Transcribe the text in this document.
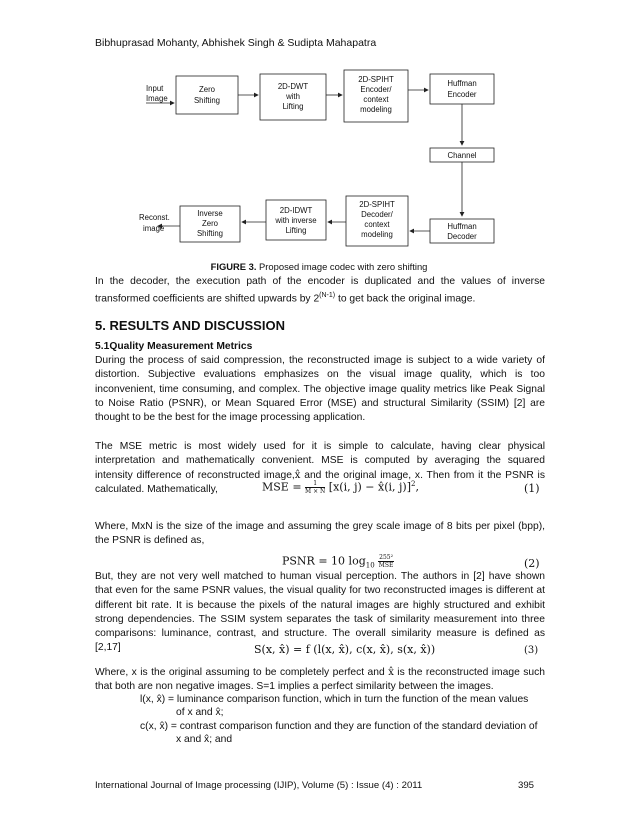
Bibhuprasad Mohanty, Abhishek Singh & Sudipta Mahapatra
Input
Image
Zero
Shifting
2D-DWT
with
Lifting
2D-SPIHT
Encoder/
context
modeling
Huffman
Encoder
Channel
Huffman
Decoder
2D-SPIHT
Decoder/
context
modeling
2D-IDWT
with inverse
Lifting
Inverse
Zero
Shifting
Reconst.
image
FIGURE 3. Proposed image codec with zero shifting

In the decoder, the execution path of the encoder is duplicated and the values of inverse transformed coefficients are shifted upwards by $2^{(N-1)}$ to get back the original image.

5. RESULTS AND DISCUSSION
5.1Quality Measurement Metrics

During the process of said compression, the reconstructed image is subject to a wide variety of distortion. Subjective evaluations emphasizes on the visual image quality, which is too inconvenient, time consuming, and complex. The objective image quality metrics like Peak Signal to Noise Ratio (PSNR), or Mean Squared Error (MSE) and structural Similarity (SSIM) [2] are thought to be the best for the image processing application.

The MSE metric is most widely used for it is simple to calculate, having clear physical interpretation and mathematically convenient. MSE is computed by averaging the squared intensity difference of reconstructed image,x̂ and the original image, x. Then from it the PSNR is calculated. Mathematically,	MSE = $\frac{1}{M \times N} [x(i$, j) − x̂(i, j)]$^2$,	(1)

Where, MxN is the size of the image and assuming the grey scale image of 8 bits per pixel (bpp), the PSNR is defined as,

PSNR = 10 $\log_{10} \frac{\text{255²}}{\text{MSE}}$	(2)

But, they are not very well matched to human visual perception. The authors in [2] have shown that even for the same PSNR values, the visual quality for two reconstructed images is different at different bit rate. It is because the pixels of the natural images are highly structured and exhibit strong dependencies. The SSIM system separates the task of similarity measurement into three comparisons: luminance, contrast, and structure. The overall similarity measure is defined as [2,17]	S(x, x̂) = f (l(x, x̂), c(x, x̂), s(x, x̂))	(3)

Where, x is the original assuming to be completely perfect and x̂ is the reconstructed image such that both are non negative images. S=1 implies a perfect similarity between the images.

l(x, x̂) = luminance comparison function, which in turn the function of the mean values

of x and x̂;

c(x, x̂) = contrast comparison function and they are function of the standard deviation of

x and x̂; and

International Journal of Image processing (IJIP), Volume (5) : Issue (4) : 2011	395
